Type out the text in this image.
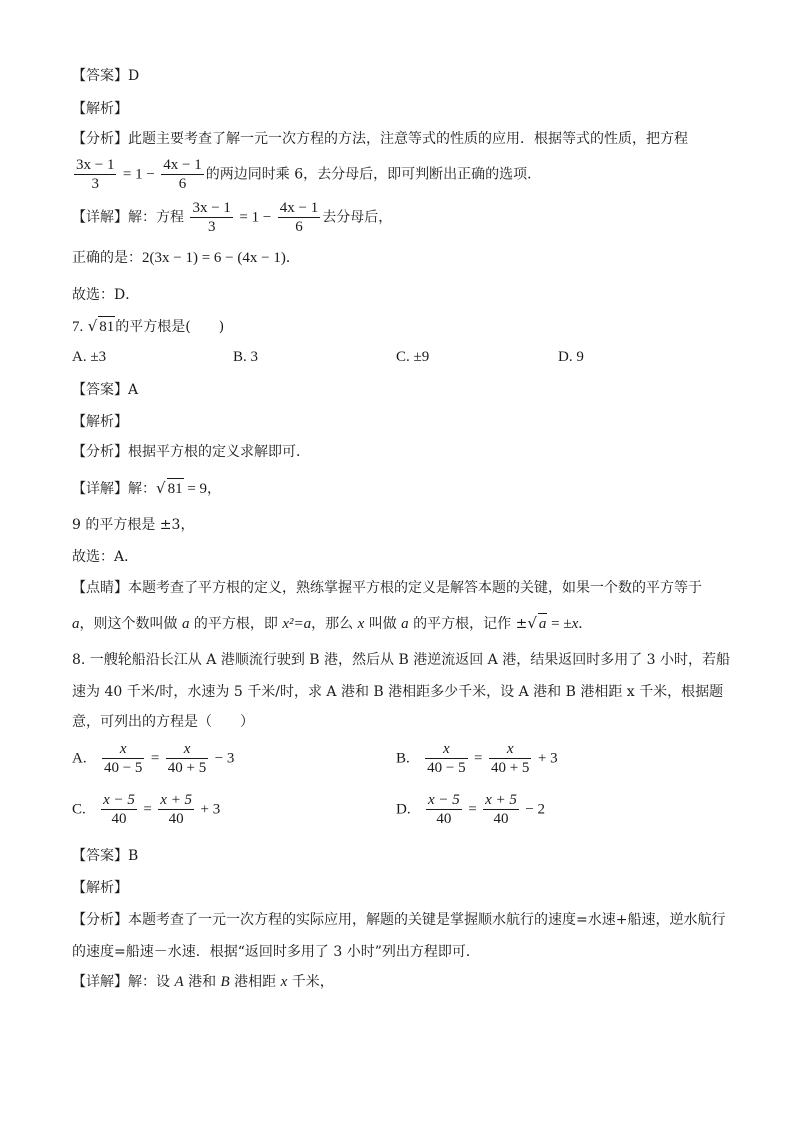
【答案】D
【解析】
【分析】此题主要考查了解一元一次方程的方法，注意等式的性质的应用．根据等式的性质，把方程
$\frac{3x - 1}{3} = 1 - \frac{4x - 1}{6}$ 的两边同时乘 6，去分母后，即可判断出正确的选项．
【详解】解：方程 $\frac{3x - 1}{3} = 1 - \frac{4x - 1}{6}$ 去分母后，
正确的是：2(3x − 1) = 6 − (4x − 1)．
故选：D．
7. √ 81的平方根是(　　)
A. ±3	B. 3	C. ±9	D. 9
【答案】A
【解析】
【分析】根据平方根的定义求解即可．
【详解】解：√ 81 = 9，
9 的平方根是 ±3，
故选：A．
【点睛】本题考查了平方根的定义，熟练掌握平方根的定义是解答本题的关键，如果一个数的平方等于
a，则这个数叫做 a 的平方根，即 x²=a，那么 x 叫做 a 的平方根，记作 ±√ a = ±x．
8. 一艘轮船沿长江从 A 港顺流行驶到 B 港，然后从 B 港逆流返回 A 港，结果返回时多用了 3 小时，若船
速为 40 千米/时，水速为 5 千米/时，求 A 港和 B 港相距多少千米，设 A 港和 B 港相距 x 千米，根据题
意，可列出的方程是（　　）
A. $\frac{x}{40 - 5} = \frac{x}{40 + 5} - 3$	B. $\frac{x}{40 - 5} = \frac{x}{40 + 5} + 3$
C. $\frac{x - 5}{40} = \frac{x + 5}{40} + 3$	D. $\frac{x - 5}{40} = \frac{x + 5}{40} - 2$
【答案】B
【解析】
【分析】本题考查了一元一次方程的实际应用，解题的关键是掌握顺水航行的速度=水速+船速，逆水航行
的速度=船速－水速．根据“返回时多用了 3 小时”列出方程即可．
【详解】解：设 A 港和 B 港相距 x 千米，
